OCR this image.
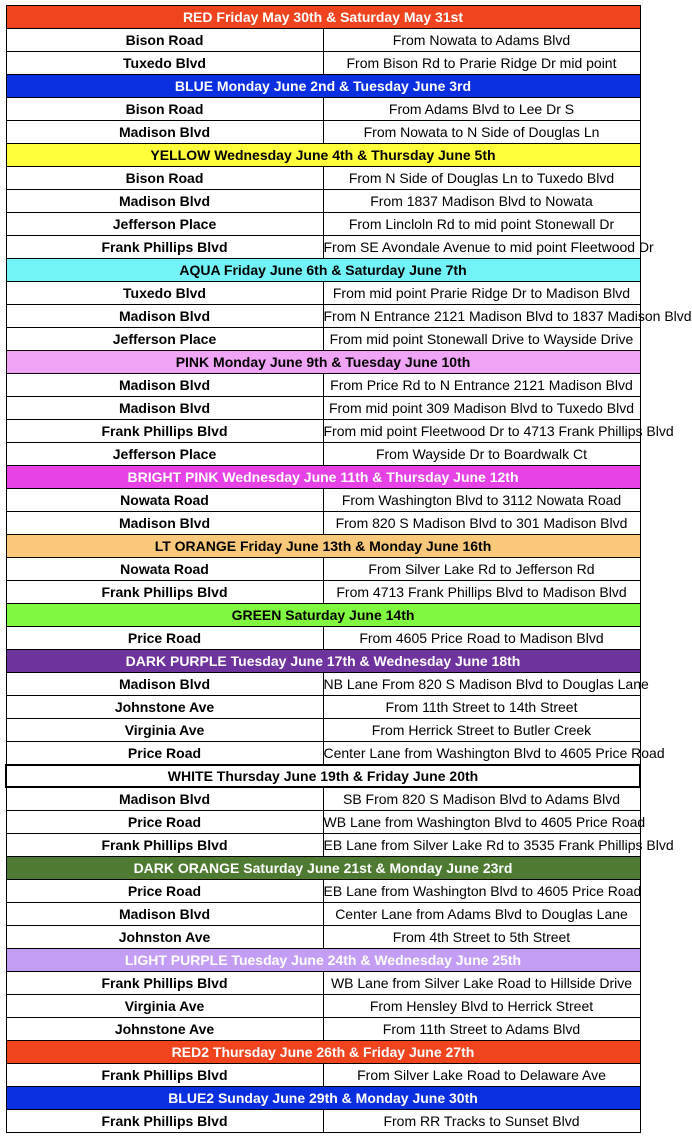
RED Friday May 30th & Saturday May 31st	
Bison Road	From Nowata to Adams Blvd
Tuxedo Blvd	From Bison Rd to Prarie Ridge Dr mid point
BLUE Monday June 2nd & Tuesday June 3rd	
Bison Road	From Adams Blvd to Lee Dr S
Madison Blvd	From Nowata to N Side of Douglas Ln
YELLOW Wednesday June 4th & Thursday June 5th	
Bison Road	From N Side of Douglas Ln to Tuxedo Blvd
Madison Blvd	From 1837 Madison Blvd to Nowata
Jefferson Place	From Lincloln Rd to mid point Stonewall Dr
Frank Phillips Blvd	From SE Avondale Avenue to mid point Fleetwood Dr
AQUA Friday June 6th & Saturday June 7th	
Tuxedo Blvd	From mid point Prarie Ridge Dr to Madison Blvd
Madison Blvd	From N Entrance 2121 Madison Blvd to 1837 Madison Blvd
Jefferson Place	From mid point Stonewall Drive to Wayside Drive
PINK Monday June 9th & Tuesday June 10th	
Madison Blvd	From Price Rd to N Entrance 2121 Madison Blvd
Madison Blvd	From mid point 309 Madison Blvd to Tuxedo Blvd
Frank Phillips Blvd	From mid point Fleetwood Dr to 4713 Frank Phillips Blvd
Jefferson Place	From Wayside Dr to Boardwalk Ct
BRIGHT PINK Wednesday June 11th & Thursday June 12th	
Nowata Road	From Washington Blvd to 3112 Nowata Road
Madison Blvd	From 820 S Madison Blvd to 301 Madison Blvd
LT ORANGE Friday June 13th & Monday June 16th	
Nowata Road	From Silver Lake Rd to Jefferson Rd
Frank Phillips Blvd	From 4713 Frank Phillips Blvd to Madison Blvd
GREEN Saturday June 14th	
Price Road	From 4605 Price Road to Madison Blvd
DARK PURPLE Tuesday June 17th & Wednesday June 18th	
Madison Blvd	NB Lane From 820 S Madison Blvd to Douglas Lane
Johnstone Ave	From 11th Street to 14th Street
Virginia Ave	From Herrick Street to Butler Creek
Price Road	Center Lane from Washington Blvd to 4605 Price Road
WHITE Thursday June 19th & Friday June 20th	
Madison Blvd	SB From 820 S Madison Blvd to Adams Blvd
Price Road	WB Lane from Washington Blvd to 4605 Price Road
Frank Phillips Blvd	EB Lane from Silver Lake Rd to 3535 Frank Phillips Blvd
DARK ORANGE Saturday June 21st & Monday June 23rd	
Price Road	EB Lane from Washington Blvd to 4605 Price Road
Madison Blvd	Center Lane from Adams Blvd to Douglas Lane
Johnston Ave	From 4th Street to 5th Street
LIGHT PURPLE Tuesday June 24th & Wednesday June 25th	
Frank Phillips Blvd	WB Lane from Silver Lake Road to Hillside Drive
Virginia Ave	From Hensley Blvd to Herrick Street
Johnstone Ave	From 11th Street to Adams Blvd
RED2 Thursday June 26th & Friday June 27th	
Frank Phillips Blvd	From Silver Lake Road to Delaware Ave
BLUE2 Sunday June 29th & Monday June 30th	
Frank Phillips Blvd	From RR Tracks to Sunset Blvd
